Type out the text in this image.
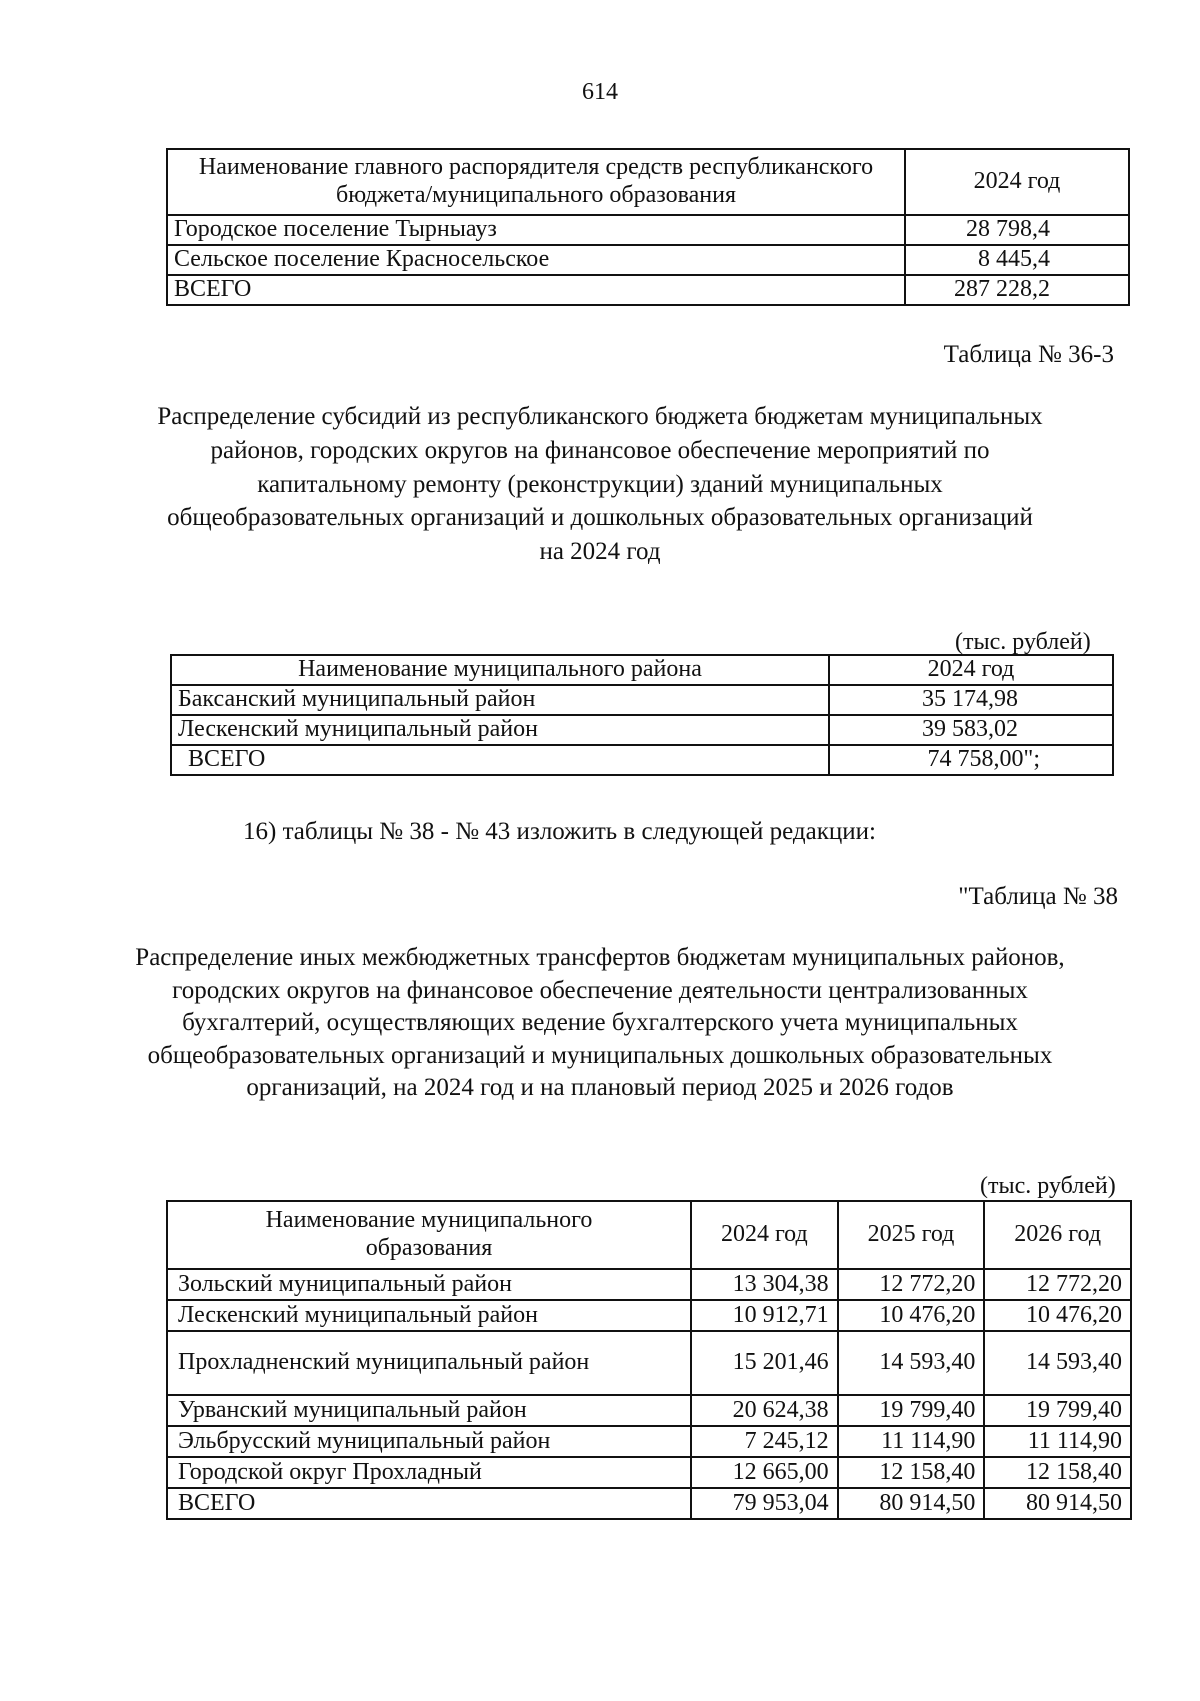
614
Наименование главного распорядителя средств республиканского бюджета/муниципального образования	2024 год
Городское поселение Тырныауз	28 798,4
Сельское поселение Красносельское	8 445,4
ВСЕГО	287 228,2
Таблица № 36-3
Распределение субсидий из республиканского бюджета бюджетам муниципальных районов, городских округов на финансовое обеспечение мероприятий по капитальному ремонту (реконструкции) зданий муниципальных общеобразовательных организаций и дошкольных образовательных организаций
на 2024 год
(тыс. рублей)
Наименование муниципального района	2024 год
Баксанский муниципальный район	35 174,98
Лескенский муниципальный район	39 583,02
ВСЕГО	74 758,00";
16) таблицы № 38 - № 43 изложить в следующей редакции:
"Таблица № 38
Распределение иных межбюджетных трансфертов бюджетам муниципальных районов, городских округов на финансовое обеспечение деятельности централизованных бухгалтерий, осуществляющих ведение бухгалтерского учета муниципальных общеобразовательных организаций и муниципальных дошкольных образовательных организаций, на 2024 год и на плановый период 2025 и 2026 годов
(тыс. рублей)
Наименование муниципального образования	2024 год	2025 год	2026 год
Зольский муниципальный район	13 304,38	12 772,20	12 772,20
Лескенский муниципальный район	10 912,71	10 476,20	10 476,20
Прохладненский муниципальный район	15 201,46	14 593,40	14 593,40
Урванский муниципальный район	20 624,38	19 799,40	19 799,40
Эльбрусский муниципальный район	7 245,12	11 114,90	11 114,90
Городской округ Прохладный	12 665,00	12 158,40	12 158,40
ВСЕГО	79 953,04	80 914,50	80 914,50
